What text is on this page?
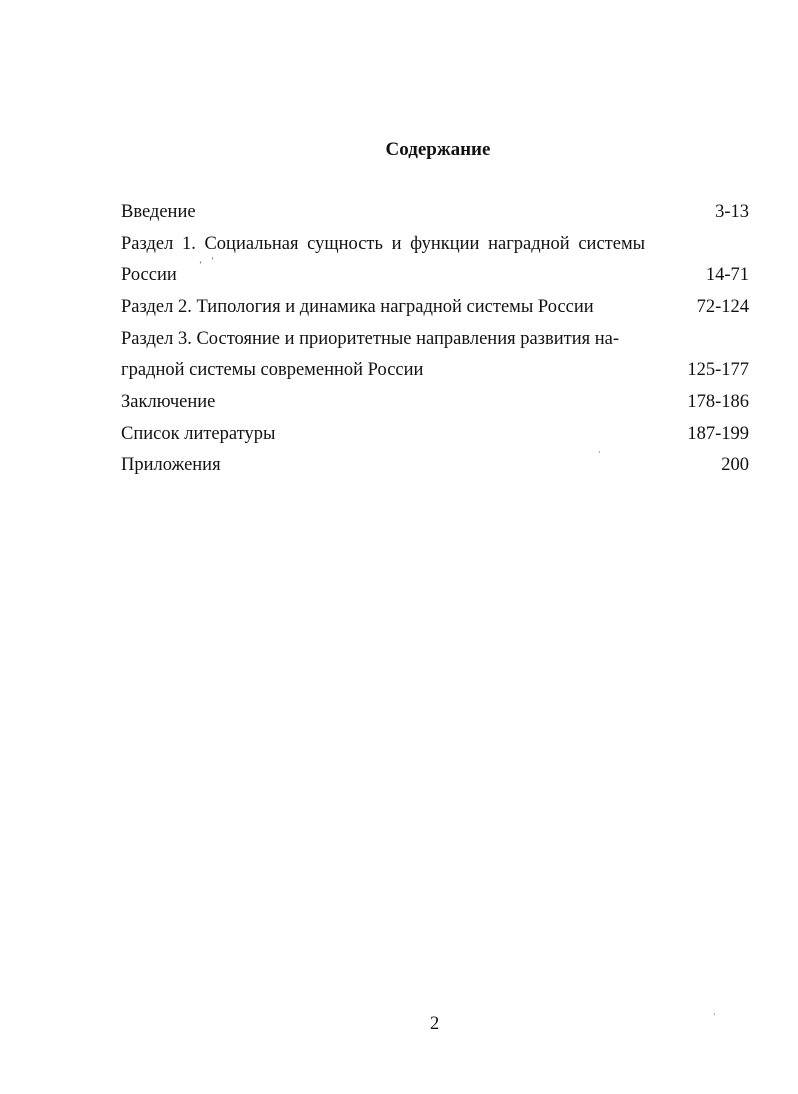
Содержание
Введение	3-13
Раздел 1. Социальная сущность и функции наградной системы
России	14-71
Раздел 2. Типология и динамика наградной системы России	72-124
Раздел 3. Состояние и приоритетные направления развития на-
градной системы современной России	125-177
Заключение	178-186
Список литературы	187-199
Приложения	200
2
’ ’
·
·
